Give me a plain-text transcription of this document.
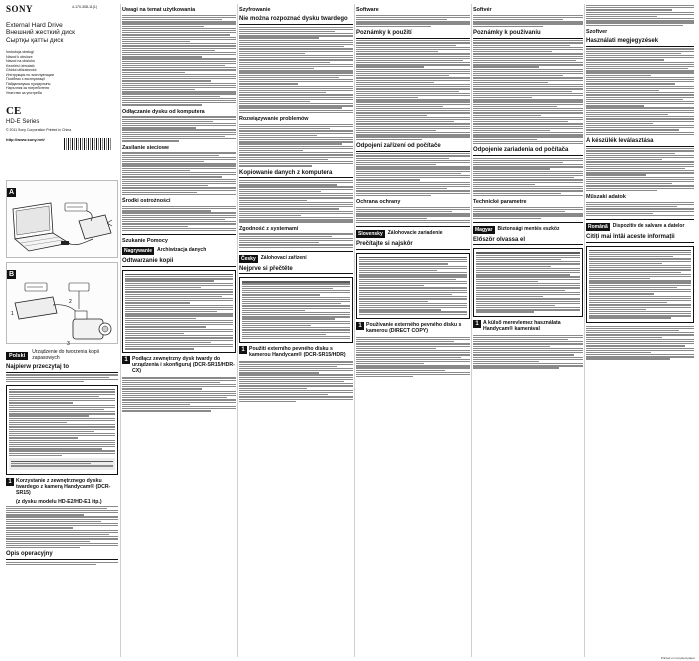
SONY	4-170-308-11(1)
External Hard Drive
Внешний жесткий диск
Сыртқы қатты диск
Instrukcja obsługi
Návod k obsluze
Návod na obsluhu
Kezelési útmutató
Ghidul utilizatorului
Инструкция по эксплуатации
Посібник з експлуатації
Пайдаланушы нұсқаулығы
Наръчник за потребителя
Упатство за употреба
CE
HD-E Series
© 2011 Sony Corporation Printed in China
http://www.sony.net/
A
B
1
2
3
Polski
Urządzenie do tworzenia kopii zapasowych
Najpierw przeczytaj to
1 Korzystanie z zewnętrznego dysku twardego z kamerą Handycam® (DCR-SR15)
(z dysku modelu HD-E2/HD-E1 itp.)
Opis operacyjny
Uwagi na temat użytkowania
Odłączanie dysku od komputera
Zasilanie sieciowe
Środki ostrożności
Szukanie Pomocy
Nagrywanie	Archiwizacja danych
Odtwarzanie kopii
1 Podłącz zewnętrzny dysk twardy do urządzenia i skonfiguruj (DCR-SR15/HDR-CX)
Szyfrowanie
Nie można rozpoznać dysku twardego
Rozwiązywanie problemów
Kopiowanie danych z komputera
Zgodność z systemami
Česky	Zálohovací zařízení
Nejprve si přečtěte
1 Použití externího pevného disku s kamerou Handycam® (DCR-SR15/HDR)
Software
Poznámky k použití
Odpojení zařízení od počítače
Ochrana ochrany
Slovensky	Zálohovacie zariadenie
Prečítajte si najskôr
1 Používanie externého pevného disku s kamerou (DIRECT COPY)
Softvér
Poznámky k používaniu
Odpojenie zariadenia od počítača
Technické parametre
Magyar	Biztonsági mentés eszköz
Először olvassa el
1 A külső merevlemez használata Handycam® kamerával
Szoftver
Használati megjegyzések
A készülék leválasztása
Műszaki adatok
Română	Dispozitiv de salvare a datelor
Citiți mai întâi aceste informații
Printed on recycled paper
